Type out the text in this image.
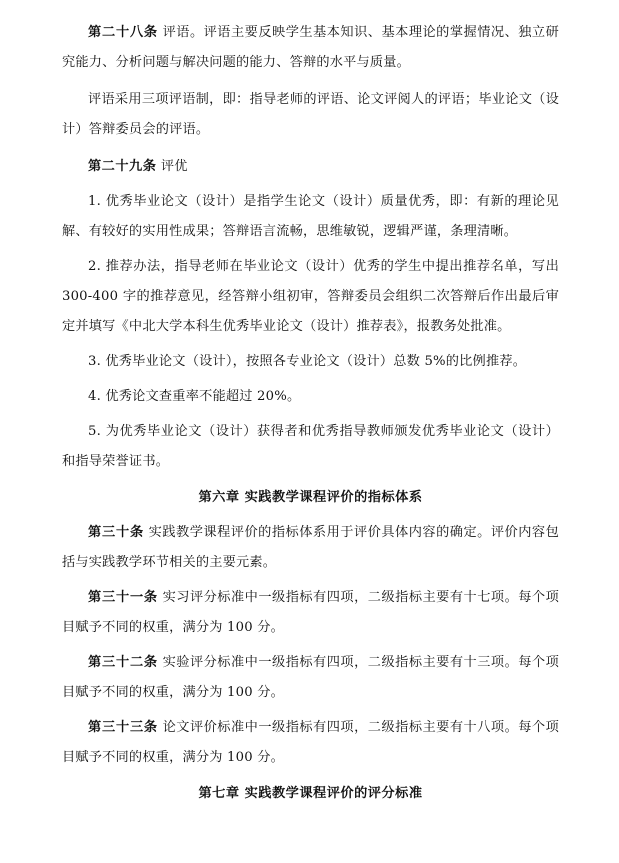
第二十八条 评语。评语主要反映学生基本知识、基本理论的掌握情况、独立研究能力、分析问题与解决问题的能力、答辩的水平与质量。

评语采用三项评语制，即：指导老师的评语、论文评阅人的评语；毕业论文（设计）答辩委员会的评语。

第二十九条 评优

1. 优秀毕业论文（设计）是指学生论文（设计）质量优秀，即：有新的理论见解、有较好的实用性成果；答辩语言流畅，思维敏锐，逻辑严谨，条理清晰。

2. 推荐办法，指导老师在毕业论文（设计）优秀的学生中提出推荐名单，写出 300-400 字的推荐意见，经答辩小组初审，答辩委员会组织二次答辩后作出最后审定并填写《中北大学本科生优秀毕业论文（设计）推荐表》，报教务处批准。

3. 优秀毕业论文（设计），按照各专业论文（设计）总数 5%的比例推荐。

4. 优秀论文查重率不能超过 20%。

5. 为优秀毕业论文（设计）获得者和优秀指导教师颁发优秀毕业论文（设计）和指导荣誉证书。

第六章 实践教学课程评价的指标体系

第三十条 实践教学课程评价的指标体系用于评价具体内容的确定。评价内容包括与实践教学环节相关的主要元素。

第三十一条 实习评分标准中一级指标有四项，二级指标主要有十七项。每个项目赋予不同的权重，满分为 100 分。

第三十二条 实验评分标准中一级指标有四项，二级指标主要有十三项。每个项目赋予不同的权重，满分为 100 分。

第三十三条 论文评价标准中一级指标有四项，二级指标主要有十八项。每个项目赋予不同的权重，满分为 100 分。

第七章 实践教学课程评价的评分标准
